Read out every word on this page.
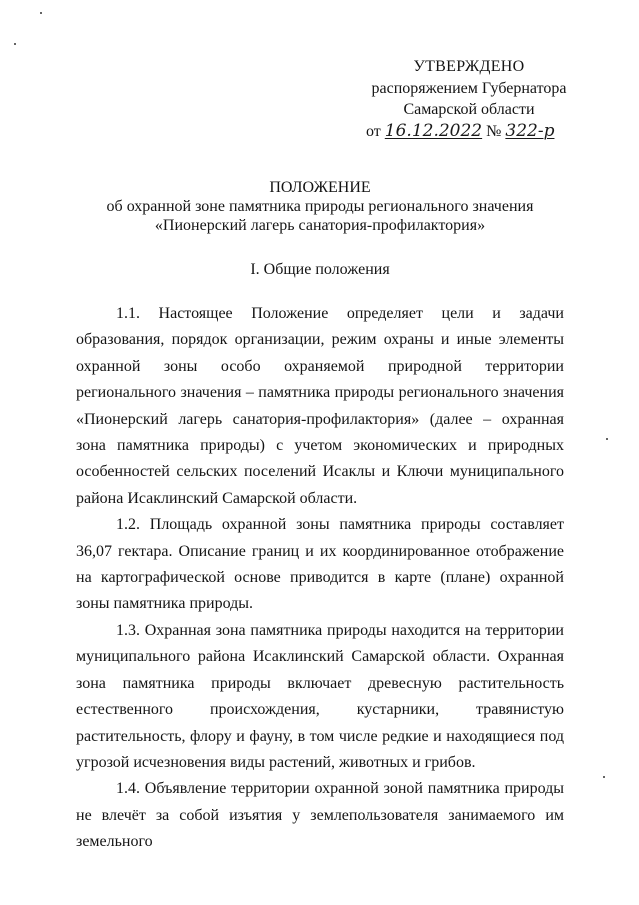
УТВЕРЖДЕНО
распоряжением Губернатора
Самарской области
от 16.12.2022 № 322-р
ПОЛОЖЕНИЕ
об охранной зоне памятника природы регионального значения
«Пионерский лагерь санатория-профилактория»
I. Общие положения

1.1. Настоящее Положение определяет цели и задачи образования, порядок организации, режим охраны и иные элементы охранной зоны особо охраняемой природной территории регионального значения – памятника природы регионального значения «Пионерский лагерь санатория-профилактория» (далее – охранная зона памятника природы) с учетом экономических и природных особенностей сельских поселений Исаклы и Ключи муниципального района Исаклинский Самарской области.

1.2. Площадь охранной зоны памятника природы составляет 36,07 гектара. Описание границ и их координированное отображение на картографической основе приводится в карте (плане) охранной зоны памятника природы.

1.3. Охранная зона памятника природы находится на территории муниципального района Исаклинский Самарской области. Охранная зона памятника природы включает древесную растительность естественного происхождения, кустарники, травянистую растительность, флору и фауну, в том числе редкие и находящиеся под угрозой исчезновения виды растений, животных и грибов.

1.4. Объявление территории охранной зоной памятника природы не влечёт за собой изъятия у землепользователя занимаемого им земельного
